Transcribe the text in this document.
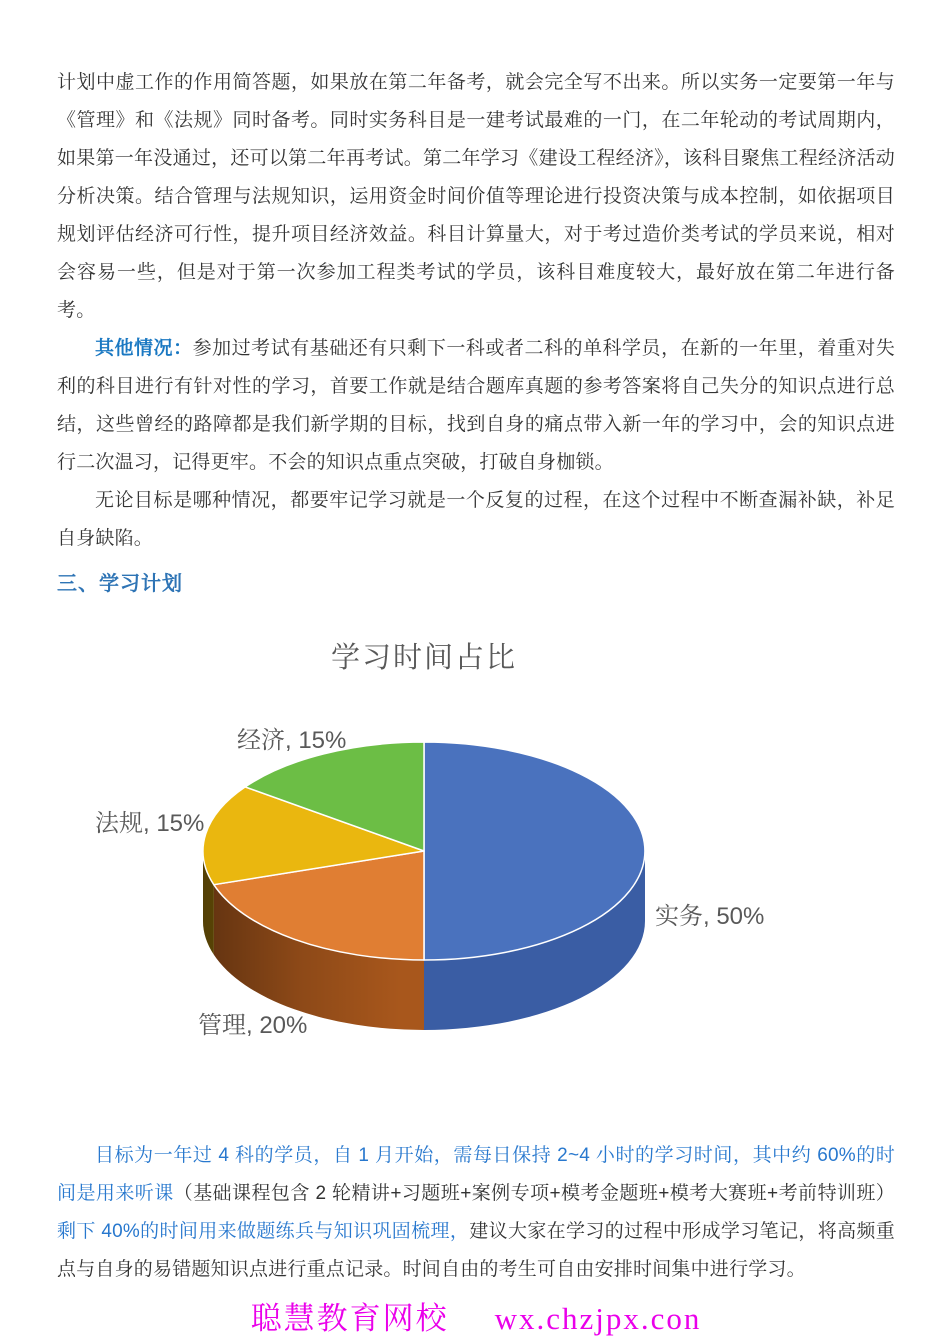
计划中虚工作的作用简答题，如果放在第二年备考，就会完全写不出来。所以实务一定要第一年与《管理》和《法规》同时备考。同时实务科目是一建考试最难的一门，在二年轮动的考试周期内，如果第一年没通过，还可以第二年再考试。第二年学习《建设工程经济》，该科目聚焦工程经济活动分析决策。结合管理与法规知识，运用资金时间价值等理论进行投资决策与成本控制，如依据项目规划评估经济可行性，提升项目经济效益。科目计算量大，对于考过造价类考试的学员来说，相对会容易一些，但是对于第一次参加工程类考试的学员，该科目难度较大，最好放在第二年进行备考。

其他情况：参加过考试有基础还有只剩下一科或者二科的单科学员，在新的一年里，着重对失利的科目进行有针对性的学习，首要工作就是结合题库真题的参考答案将自己失分的知识点进行总结，这些曾经的路障都是我们新学期的目标，找到自身的痛点带入新一年的学习中，会的知识点进行二次温习，记得更牢。不会的知识点重点突破，打破自身枷锁。

无论目标是哪种情况，都要牢记学习就是一个反复的过程，在这个过程中不断查漏补缺，补足自身缺陷。

三、学习计划
学习时间占比
实务, 50%
管理, 20%
法规, 15%
经济, 15%

目标为一年过 4 科的学员，自 1 月开始，需每日保持 2~4 小时的学习时间，其中约 60%的时间是用来听课（基础课程包含 2 轮精讲+习题班+案例专项+模考金题班+模考大赛班+考前特训班）剩下 40%的时间用来做题练兵与知识巩固梳理，建议大家在学习的过程中形成学习笔记，将高频重点与自身的易错题知识点进行重点记录。时间自由的考生可自由安排时间集中进行学习。

聪慧教育网校 wx.chzjpx.con
